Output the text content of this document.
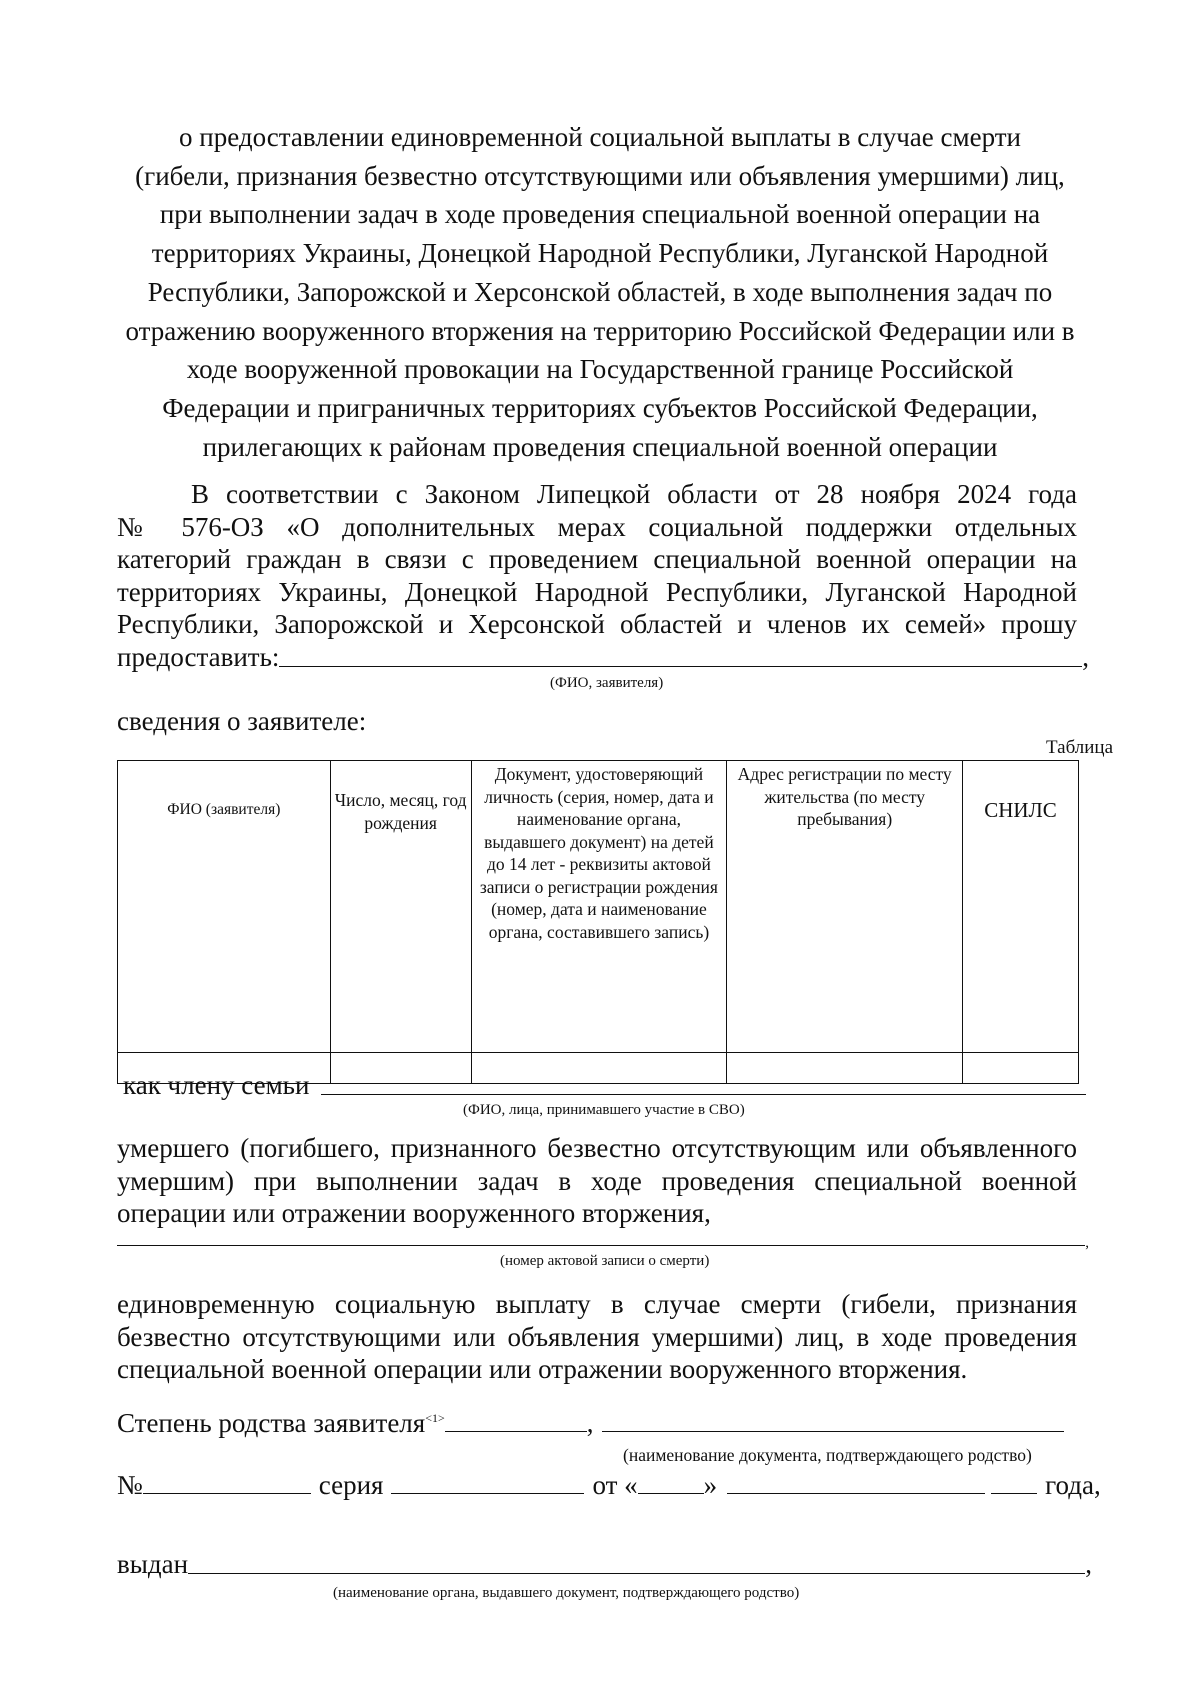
о предоставлении единовременной социальной выплаты в случае смерти
(гибели, признания безвестно отсутствующими или объявления умершими) лиц,
при выполнении задач в ходе проведения специальной военной операции на
территориях Украины, Донецкой Народной Республики, Луганской Народной
Республики, Запорожской и Херсонской областей, в ходе выполнения задач по
отражению вооруженного вторжения на территорию Российской Федерации или в
ходе вооруженной провокации на Государственной границе Российской
Федерации и приграничных территориях субъектов Российской Федерации,
прилегающих к районам проведения специальной военной операции
В соответствии с Законом Липецкой области от 28 ноября 2024 года
№ 576-ОЗ «О дополнительных мерах социальной поддержки отдельных
категорий граждан в связи с проведением специальной военной операции на
территориях Украины, Донецкой Народной Республики, Луганской Народной
Республики, Запорожской и Херсонской областей и членов их семей» прошу
предоставить:	,
(ФИО, заявителя)
сведения о заявителе:
Таблица
ФИО (заявителя)	Число, месяц, год рождения	Документ, удостоверяющий личность (серия, номер, дата и наименование органа, выдавшего документ) на детей до 14 лет - реквизиты актовой записи о регистрации рождения (номер, дата и наименование органа, составившего запись)	Адрес регистрации по месту жительства (по месту пребывания)	СНИЛС

как члену семьи
(ФИО, лица, принимавшего участие в СВО)
умершего (погибшего, признанного безвестно отсутствующим или объявленного
умершим) при выполнении задач в ходе проведения специальной военной
операции или отражении вооруженного вторжения,
,
(номер актовой записи о смерти)
единовременную социальную выплату в случае смерти (гибели, признания
безвестно отсутствующими или объявления умершими) лиц, в ходе проведения
специальной военной операции или отражении вооруженного вторжения.
Степень родства заявителя$^{<1>}$	,
(наименование документа, подтверждающего родство)
№	серия	от « »	года,
выдан	,
(наименование органа, выдавшего документ, подтверждающего родство)
